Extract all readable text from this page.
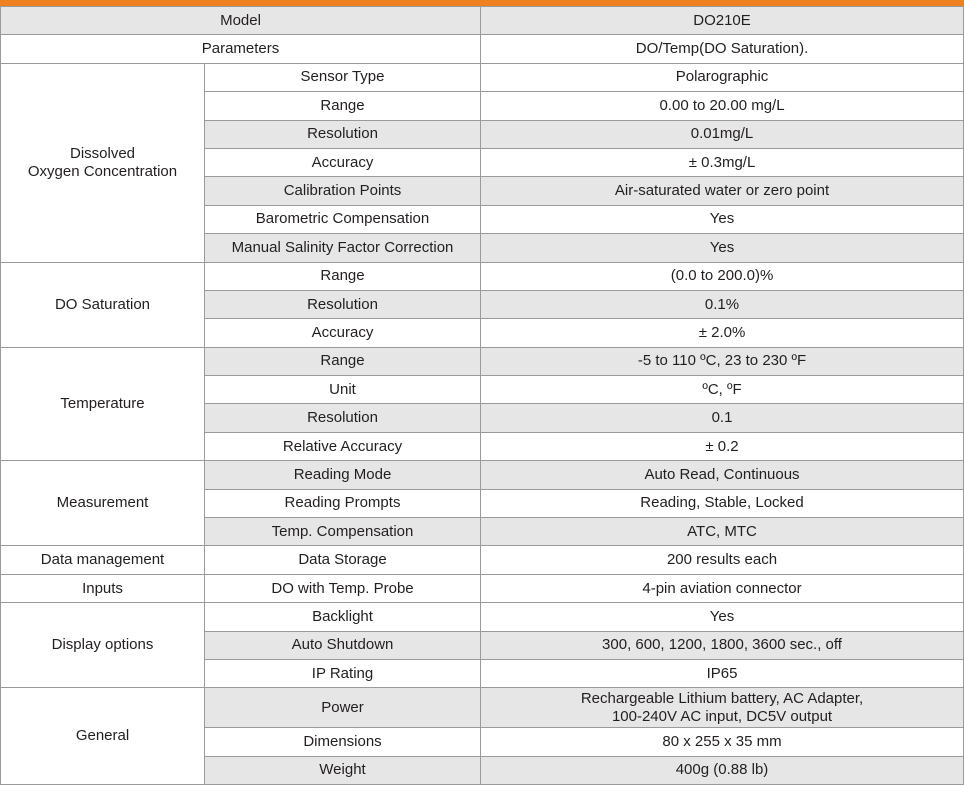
Model		DO210E
Parameters		DO/Temp(DO Saturation).
Dissolved
Oxygen Concentration	Sensor Type	Polarographic
	Range	0.00 to 20.00 mg/L
	Resolution	0.01mg/L
	Accuracy	± 0.3mg/L
	Calibration Points	Air-saturated water or zero point
	Barometric Compensation	Yes
	Manual Salinity Factor Correction	Yes
DO Saturation	Range	(0.0 to 200.0)%
	Resolution	0.1%
	Accuracy	± 2.0%
Temperature	Range	-5 to 110 ºC, 23 to 230 ºF
	Unit	ºC, ºF
	Resolution	0.1
	Relative Accuracy	± 0.2
Measurement	Reading Mode	Auto Read, Continuous
	Reading Prompts	Reading, Stable, Locked
	Temp. Compensation	ATC, MTC
Data management	Data Storage	200 results each
Inputs	DO with Temp. Probe	4-pin aviation connector
Display options	Backlight	Yes
	Auto Shutdown	300, 600, 1200, 1800, 3600 sec., off
	IP Rating	IP65
General	Power	Rechargeable Lithium battery, AC Adapter,
100-240V AC input, DC5V output
	Dimensions	80 x 255 x 35 mm
	Weight	400g (0.88 lb)
